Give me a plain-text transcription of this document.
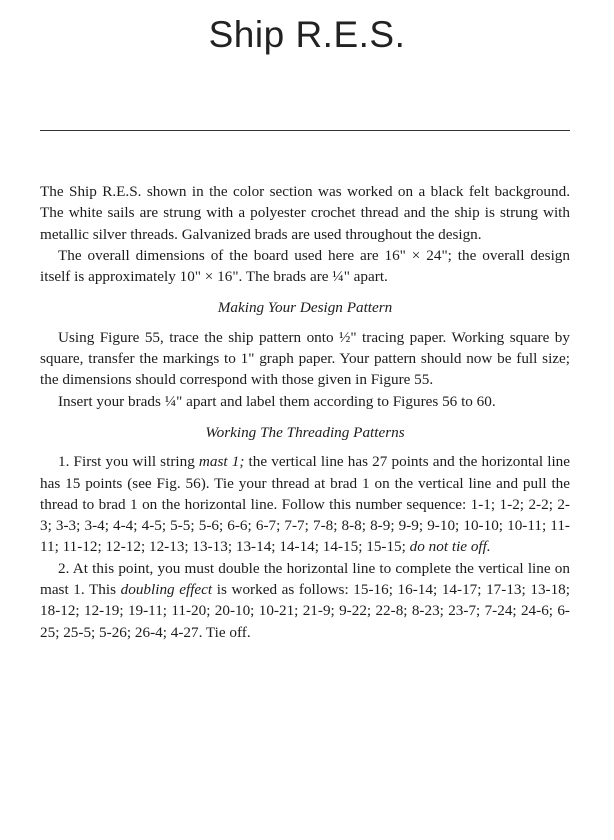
Ship R.E.S.

The Ship R.E.S. shown in the color section was worked on a black felt background. The white sails are strung with a polyester crochet thread and the ship is strung with metallic silver threads. Galvanized brads are used throughout the design.

The overall dimensions of the board used here are 16" × 24"; the overall design itself is approximately 10" × 16". The brads are ¼" apart.

Making Your Design Pattern

Using Figure 55, trace the ship pattern onto ½" tracing paper. Working square by square, transfer the markings to 1" graph paper. Your pattern should now be full size; the dimensions should correspond with those given in Figure 55.

Insert your brads ¼" apart and label them according to Figures 56 to 60.

Working The Threading Patterns

1. First you will string mast 1; the vertical line has 27 points and the horizontal line has 15 points (see Fig. 56). Tie your thread at brad 1 on the vertical line and pull the thread to brad 1 on the horizontal line. Follow this number sequence: 1-1; 1-2; 2-2; 2-3; 3-3; 3-4; 4-4; 4-5; 5-5; 5-6; 6-6; 6-7; 7-7; 7-8; 8-8; 8-9; 9-9; 9-10; 10-10; 10-11; 11-11; 11-12; 12-12; 12-13; 13-13; 13-14; 14-14; 14-15; 15-15; do not tie off.

2. At this point, you must double the horizontal line to complete the vertical line on mast 1. This doubling effect is worked as follows: 15-16; 16-14; 14-17; 17-13; 13-18; 18-12; 12-19; 19-11; 11-20; 20-10; 10-21; 21-9; 9-22; 22-8; 8-23; 23-7; 7-24; 24-6; 6-25; 25-5; 5-26; 26-4; 4-27. Tie off.
